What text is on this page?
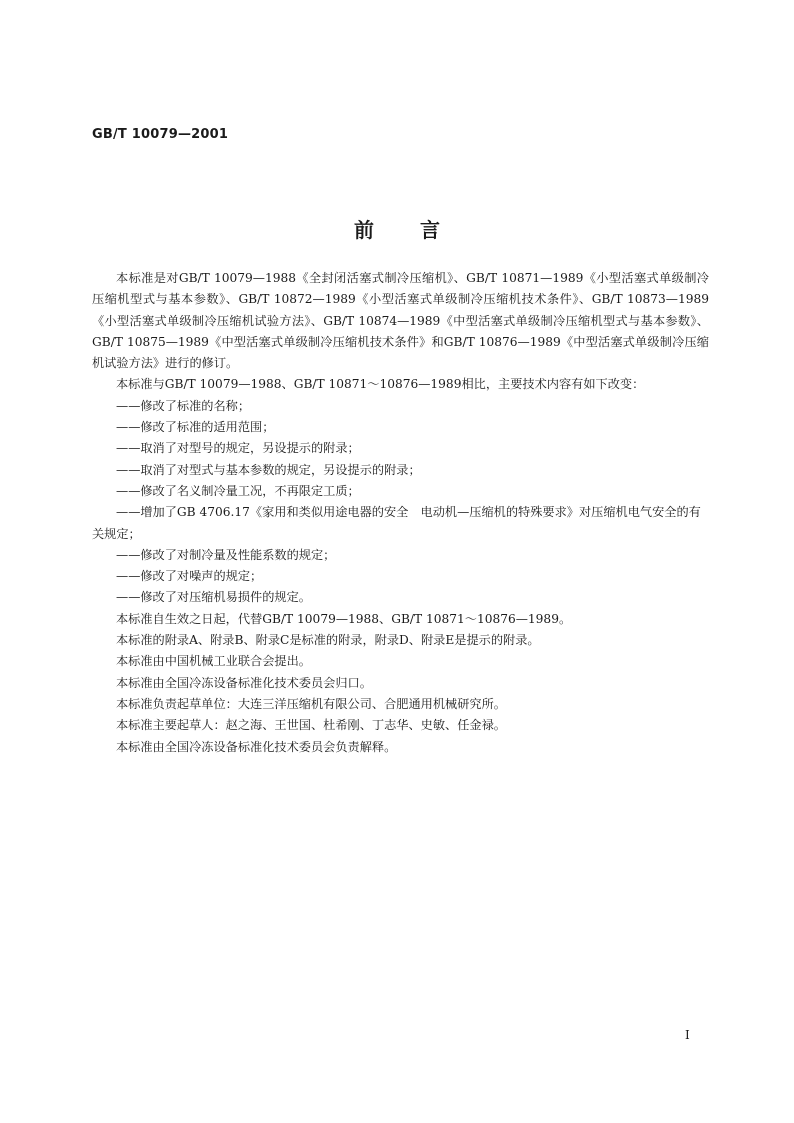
GB/T 10079—2001
前言

本标准是对GB/T 10079—1988《全封闭活塞式制冷压缩机》、GB/T 10871—1989《小型活塞式单级制冷压缩机型式与基本参数》、GB/T 10872—1989《小型活塞式单级制冷压缩机技术条件》、GB/T 10873—1989《小型活塞式单级制冷压缩机试验方法》、GB/T 10874—1989《中型活塞式单级制冷压缩机型式与基本参数》、GB/T 10875—1989《中型活塞式单级制冷压缩机技术条件》和GB/T 10876—1989《中型活塞式单级制冷压缩机试验方法》进行的修订。

本标准与GB/T 10079—1988、GB/T 10871～10876—1989相比，主要技术内容有如下改变：

——修改了标准的名称；

——修改了标准的适用范围；

——取消了对型号的规定，另设提示的附录；

——取消了对型式与基本参数的规定，另设提示的附录；

——修改了名义制冷量工况，不再限定工质；

——增加了GB 4706.17《家用和类似用途电器的安全　电动机—压缩机的特殊要求》对压缩机电气安全的有关规定；

——修改了对制冷量及性能系数的规定；

——修改了对噪声的规定；

——修改了对压缩机易损件的规定。

本标准自生效之日起，代替GB/T 10079—1988、GB/T 10871～10876—1989。

本标准的附录A、附录B、附录C是标准的附录，附录D、附录E是提示的附录。

本标准由中国机械工业联合会提出。

本标准由全国冷冻设备标准化技术委员会归口。

本标准负责起草单位：大连三洋压缩机有限公司、合肥通用机械研究所。

本标准主要起草人：赵之海、王世国、杜希刚、丁志华、史敏、任金禄。

本标准由全国冷冻设备标准化技术委员会负责解释。

I
